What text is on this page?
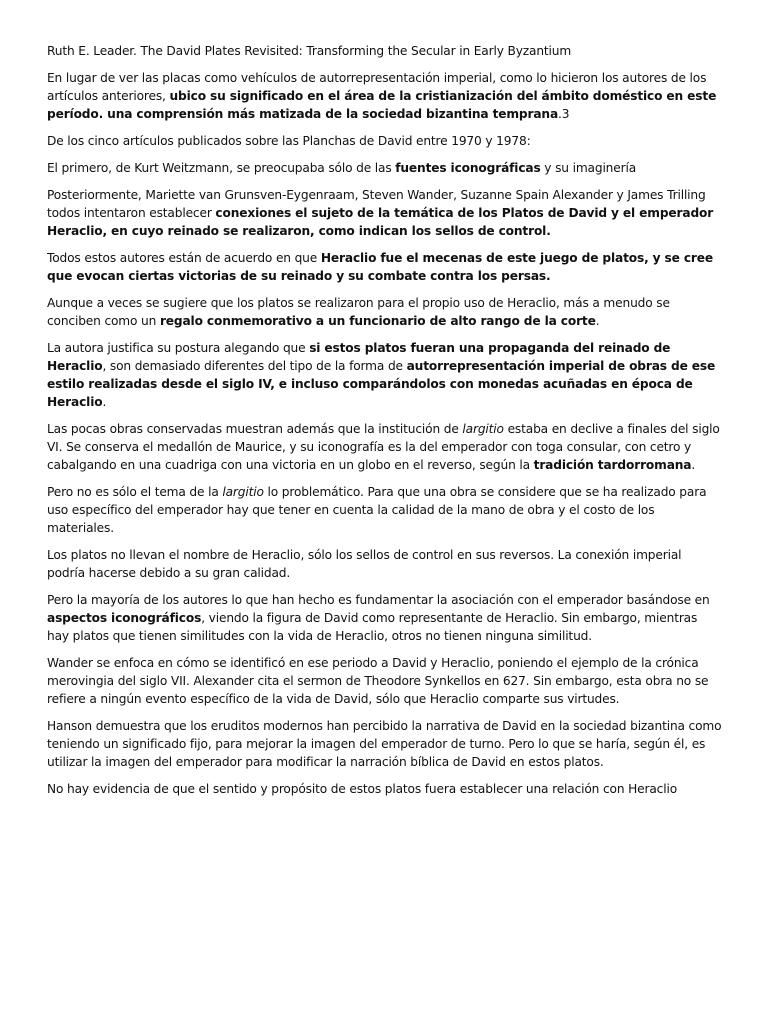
Ruth E. Leader. The David Plates Revisited: Transforming the Secular in Early Byzantium

En lugar de ver las placas como vehículos de autorrepresentación imperial, como lo hicieron los autores de los artículos anteriores, ubico su significado en el área de la cristianización del ámbito doméstico en este período. una comprensión más matizada de la sociedad bizantina temprana.3

De los cinco artículos publicados sobre las Planchas de David entre 1970 y 1978:

El primero, de Kurt Weitzmann, se preocupaba sólo de las fuentes iconográficas y su imaginería

Posteriormente, Mariette van Grunsven-Eygenraam, Steven Wander, Suzanne Spain Alexander y James Trilling todos intentaron establecer conexiones el sujeto de la temática de los Platos de David y el emperador Heraclio, en cuyo reinado se realizaron, como indican los sellos de control.

Todos estos autores están de acuerdo en que Heraclio fue el mecenas de este juego de platos, y se cree que evocan ciertas victorias de su reinado y su combate contra los persas.

Aunque a veces se sugiere que los platos se realizaron para el propio uso de Heraclio, más a menudo se conciben como un regalo conmemorativo a un funcionario de alto rango de la corte.

La autora justifica su postura alegando que si estos platos fueran una propaganda del reinado de Heraclio, son demasiado diferentes del tipo de la forma de autorrepresentación imperial de obras de ese estilo realizadas desde el siglo IV, e incluso comparándolos con monedas acuñadas en época de Heraclio.

Las pocas obras conservadas muestran además que la institución de largitio estaba en declive a finales del siglo VI. Se conserva el medallón de Maurice, y su iconografía es la del emperador con toga consular, con cetro y cabalgando en una cuadriga con una victoria en un globo en el reverso, según la tradición tardorromana.

Pero no es sólo el tema de la largitio lo problemático. Para que una obra se considere que se ha realizado para uso específico del emperador hay que tener en cuenta la calidad de la mano de obra y el costo de los materiales.

Los platos no llevan el nombre de Heraclio, sólo los sellos de control en sus reversos. La conexión imperial podría hacerse debido a su gran calidad.

Pero la mayoría de los autores lo que han hecho es fundamentar la asociación con el emperador basándose en aspectos iconográficos, viendo la figura de David como representante de Heraclio. Sin embargo, mientras hay platos que tienen similitudes con la vida de Heraclio, otros no tienen ninguna similitud.

Wander se enfoca en cómo se identificó en ese periodo a David y Heraclio, poniendo el ejemplo de la crónica merovingia del siglo VII. Alexander cita el sermon de Theodore Synkellos en 627. Sin embargo, esta obra no se refiere a ningún evento específico de la vida de David, sólo que Heraclio comparte sus virtudes.

Hanson demuestra que los eruditos modernos han percibido la narrativa de David en la sociedad bizantina como teniendo un significado fijo, para mejorar la imagen del emperador de turno. Pero lo que se haría, según él, es utilizar la imagen del emperador para modificar la narración bíblica de David en estos platos.

No hay evidencia de que el sentido y propósito de estos platos fuera establecer una relación con Heraclio
